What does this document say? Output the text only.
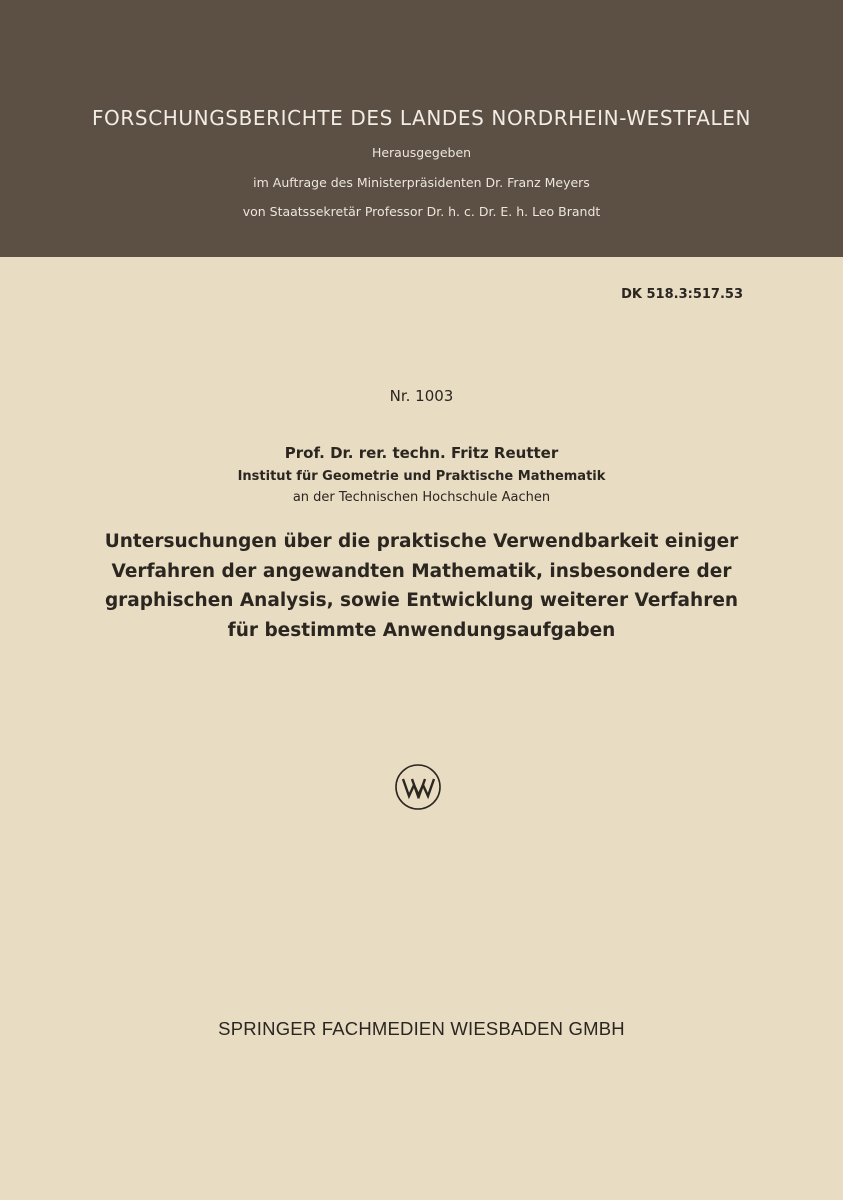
FORSCHUNGSBERICHTE DES LANDES NORDRHEIN-WESTFALEN
Herausgegeben
im Auftrage des Ministerpräsidenten Dr. Franz Meyers
von Staatssekretär Professor Dr. h. c. Dr. E. h. Leo Brandt
DK 518.3:517.53
Nr. 1003
Prof. Dr. rer. techn. Fritz Reutter
Institut für Geometrie und Praktische Mathematik
an der Technischen Hochschule Aachen
Untersuchungen über die praktische Verwendbarkeit einiger
Verfahren der angewandten Mathematik, insbesondere der
graphischen Analysis, sowie Entwicklung weiterer Verfahren
für bestimmte Anwendungsaufgaben
SPRINGER FACHMEDIEN WIESBADEN GMBH
